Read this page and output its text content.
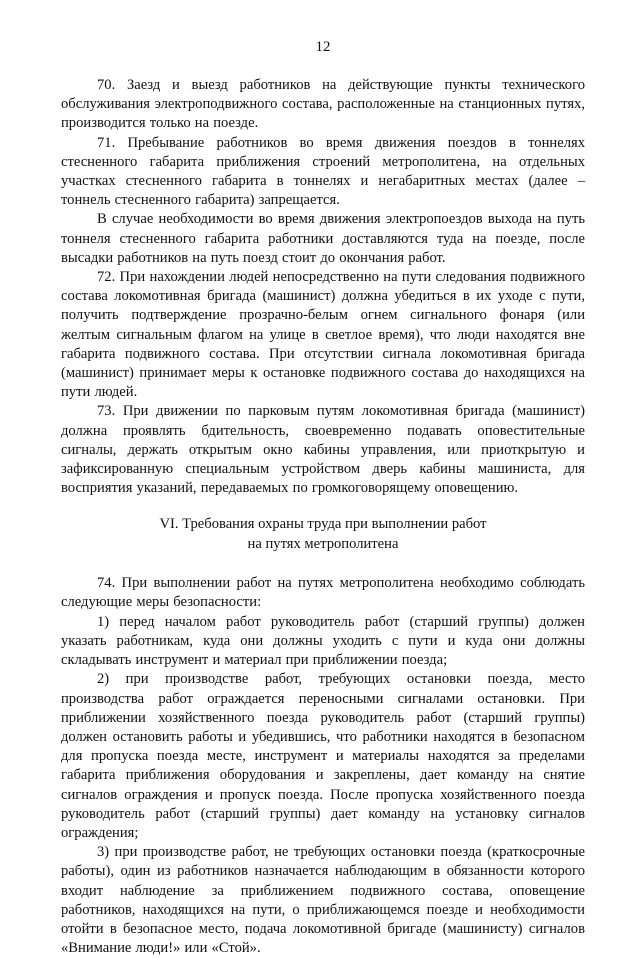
12

70. Заезд и выезд работников на действующие пункты технического обслуживания электроподвижного состава, расположенные на станционных путях, производится только на поезде.

71. Пребывание работников во время движения поездов в тоннелях стесненного габарита приближения строений метрополитена, на отдельных участках стесненного габарита в тоннелях и негабаритных местах (далее – тоннель стесненного габарита) запрещается.

В случае необходимости во время движения электропоездов выхода на путь тоннеля стесненного габарита работники доставляются туда на поезде, после высадки работников на путь поезд стоит до окончания работ.

72. При нахождении людей непосредственно на пути следования подвижного состава локомотивная бригада (машинист) должна убедиться в их уходе с пути, получить подтверждение прозрачно-белым огнем сигнального фонаря (или желтым сигнальным флагом на улице в светлое время), что люди находятся вне габарита подвижного состава. При отсутствии сигнала локомотивная бригада (машинист) принимает меры к остановке подвижного состава до находящихся на пути людей.

73. При движении по парковым путям локомотивная бригада (машинист) должна проявлять бдительность, своевременно подавать оповестительные сигналы, держать открытым окно кабины управления, или приоткрытую и зафиксированную специальным устройством дверь кабины машиниста, для восприятия указаний, передаваемых по громкоговорящему оповещению.

VI. Требования охраны труда при выполнении работ
на путях метрополитена

74. При выполнении работ на путях метрополитена необходимо соблюдать следующие меры безопасности:

1) перед началом работ руководитель работ (старший группы) должен указать работникам, куда они должны уходить с пути и куда они должны складывать инструмент и материал при приближении поезда;

2) при производстве работ, требующих остановки поезда, место производства работ ограждается переносными сигналами остановки. При приближении хозяйственного поезда руководитель работ (старший группы) должен остановить работы и убедившись, что работники находятся в безопасном для пропуска поезда месте, инструмент и материалы находятся за пределами габарита приближения оборудования и закреплены, дает команду на снятие сигналов ограждения и пропуск поезда. После пропуска хозяйственного поезда руководитель работ (старший группы) дает команду на установку сигналов ограждения;

3) при производстве работ, не требующих остановки поезда (краткосрочные работы), один из работников назначается наблюдающим в обязанности которого входит наблюдение за приближением подвижного состава, оповещение работников, находящихся на пути, о приближающемся поезде и необходимости отойти в безопасное место, подача локомотивной бригаде (машинисту) сигналов «Внимание люди!» или «Стой».
